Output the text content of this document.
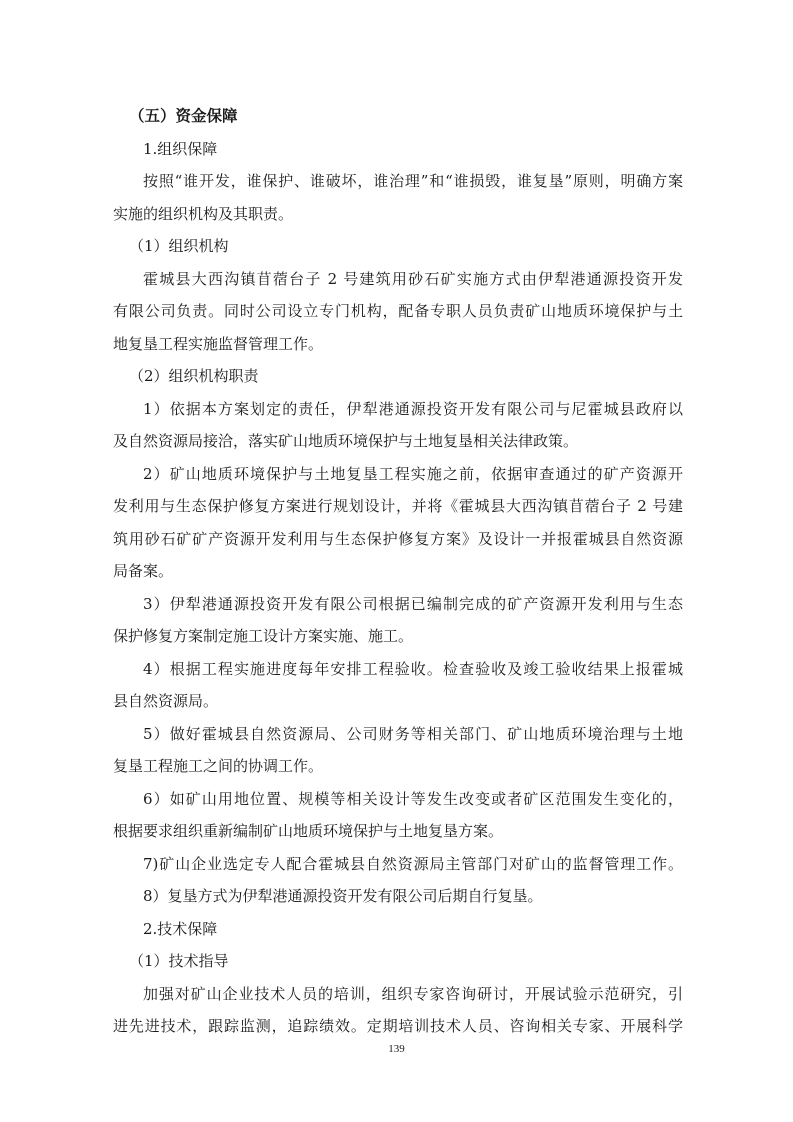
（五）资金保障
1.组织保障
按照“谁开发，谁保护、谁破坏，谁治理”和“谁损毁，谁复垦”原则，明确方案
实施的组织机构及其职责。
（1）组织机构
霍城县大西沟镇苜蓿台子 2 号建筑用砂石矿实施方式由伊犁港通源投资开发
有限公司负责。同时公司设立专门机构，配备专职人员负责矿山地质环境保护与土
地复垦工程实施监督管理工作。
（2）组织机构职责
1）依据本方案划定的责任，伊犁港通源投资开发有限公司与尼霍城县政府以
及自然资源局接洽，落实矿山地质环境保护与土地复垦相关法律政策。
2）矿山地质环境保护与土地复垦工程实施之前，依据审查通过的矿产资源开
发利用与生态保护修复方案进行规划设计，并将《霍城县大西沟镇苜蓿台子 2 号建
筑用砂石矿矿产资源开发利用与生态保护修复方案》及设计一并报霍城县自然资源
局备案。
3）伊犁港通源投资开发有限公司根据已编制完成的矿产资源开发利用与生态
保护修复方案制定施工设计方案实施、施工。
4）根据工程实施进度每年安排工程验收。检查验收及竣工验收结果上报霍城
县自然资源局。
5）做好霍城县自然资源局、公司财务等相关部门、矿山地质环境治理与土地
复垦工程施工之间的协调工作。
6）如矿山用地位置、规模等相关设计等发生改变或者矿区范围发生变化的，
根据要求组织重新编制矿山地质环境保护与土地复垦方案。
7)矿山企业选定专人配合霍城县自然资源局主管部门对矿山的监督管理工作。
8）复垦方式为伊犁港通源投资开发有限公司后期自行复垦。
2.技术保障
（1）技术指导
加强对矿山企业技术人员的培训，组织专家咨询研讨，开展试验示范研究，引
进先进技术，跟踪监测，追踪绩效。定期培训技术人员、咨询相关专家、开展科学
139
